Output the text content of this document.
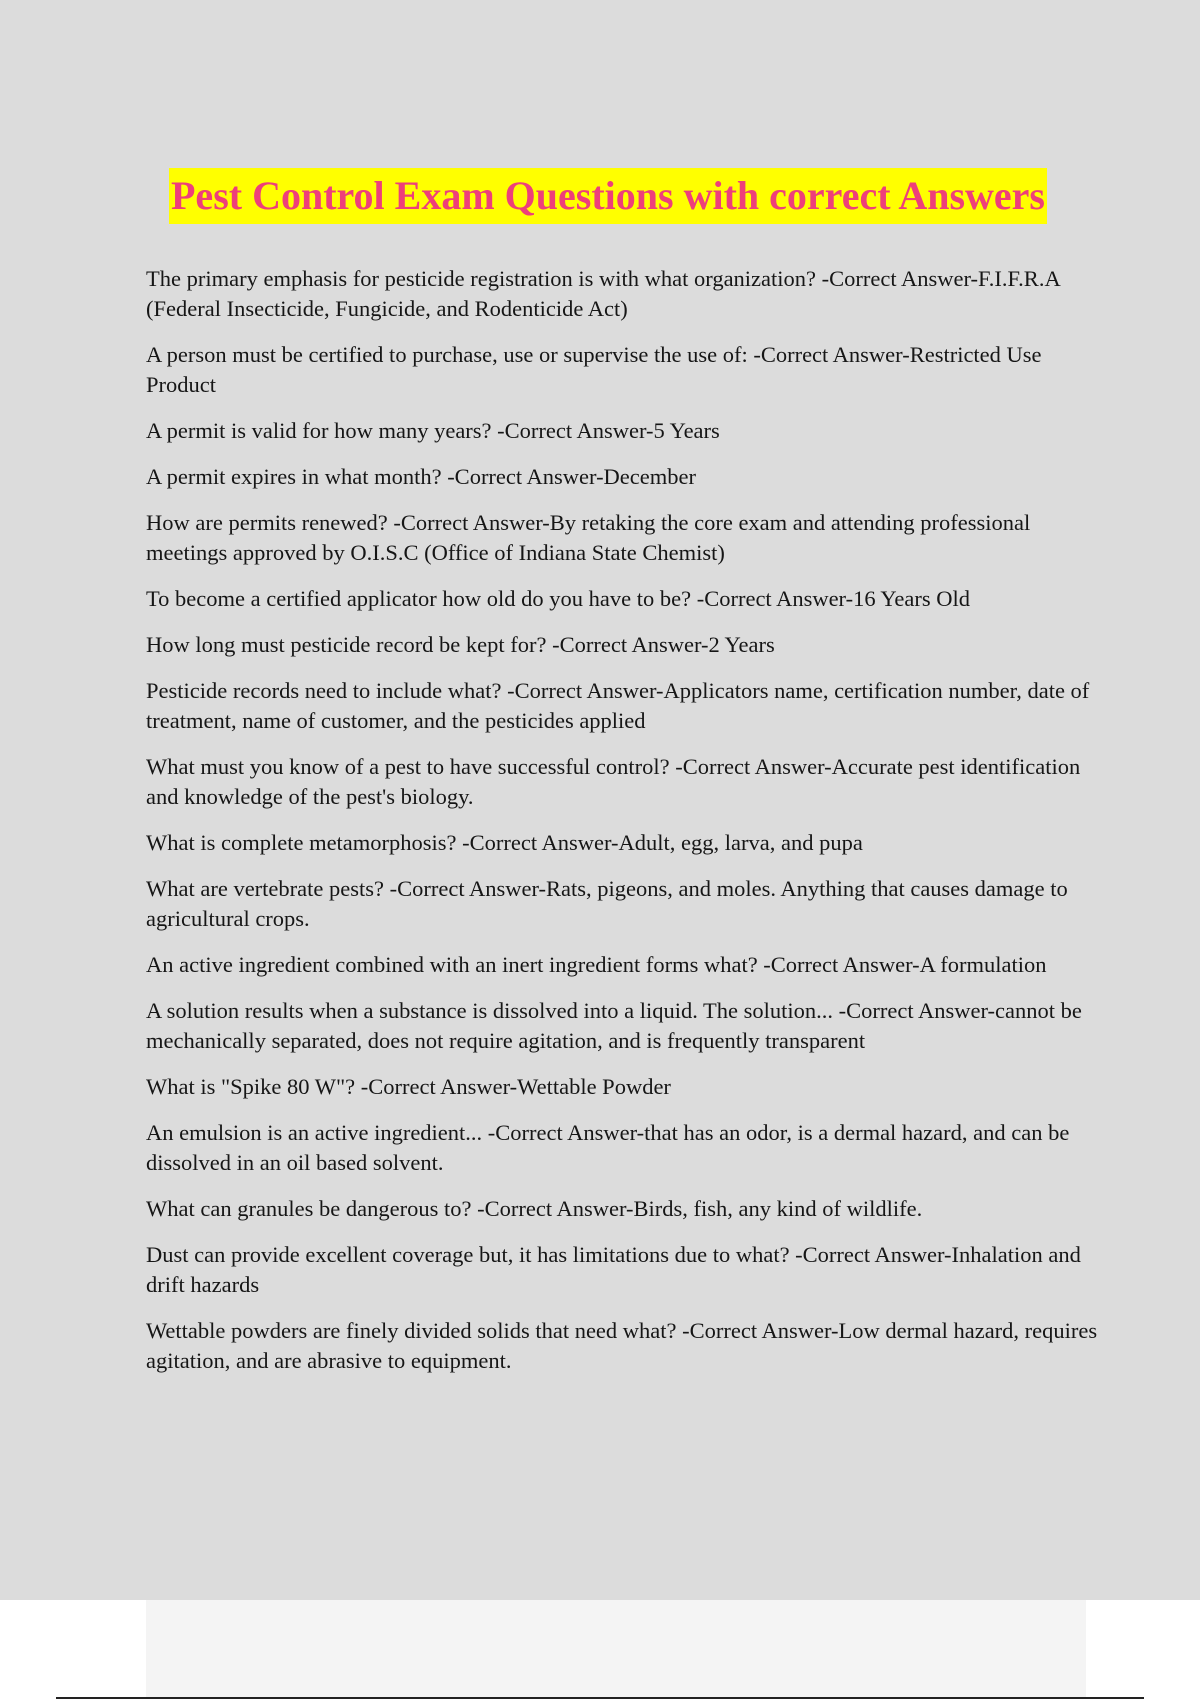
Pest Control Exam Questions with correct Answers
The primary emphasis for pesticide registration is with what organization? -Correct Answer-F.I.F.R.A (Federal Insecticide, Fungicide, and Rodenticide Act)
A person must be certified to purchase, use or supervise the use of: -Correct Answer-Restricted Use Product
A permit is valid for how many years? -Correct Answer-5 Years
A permit expires in what month? -Correct Answer-December
How are permits renewed? -Correct Answer-By retaking the core exam and attending professional meetings approved by O.I.S.C (Office of Indiana State Chemist)
To become a certified applicator how old do you have to be? -Correct Answer-16 Years Old
How long must pesticide record be kept for? -Correct Answer-2 Years
Pesticide records need to include what? -Correct Answer-Applicators name, certification number, date of treatment, name of customer, and the pesticides applied
What must you know of a pest to have successful control? -Correct Answer-Accurate pest identification and knowledge of the pest's biology.
What is complete metamorphosis? -Correct Answer-Adult, egg, larva, and pupa
What are vertebrate pests? -Correct Answer-Rats, pigeons, and moles. Anything that causes damage to agricultural crops.
An active ingredient combined with an inert ingredient forms what? -Correct Answer-A formulation
A solution results when a substance is dissolved into a liquid. The solution... -Correct Answer-cannot be mechanically separated, does not require agitation, and is frequently transparent
What is "Spike 80 W"? -Correct Answer-Wettable Powder
An emulsion is an active ingredient... -Correct Answer-that has an odor, is a dermal hazard, and can be dissolved in an oil based solvent.
What can granules be dangerous to? -Correct Answer-Birds, fish, any kind of wildlife.
Dust can provide excellent coverage but, it has limitations due to what? -Correct Answer-Inhalation and drift hazards
Wettable powders are finely divided solids that need what? -Correct Answer-Low dermal hazard, requires agitation, and are abrasive to equipment.
